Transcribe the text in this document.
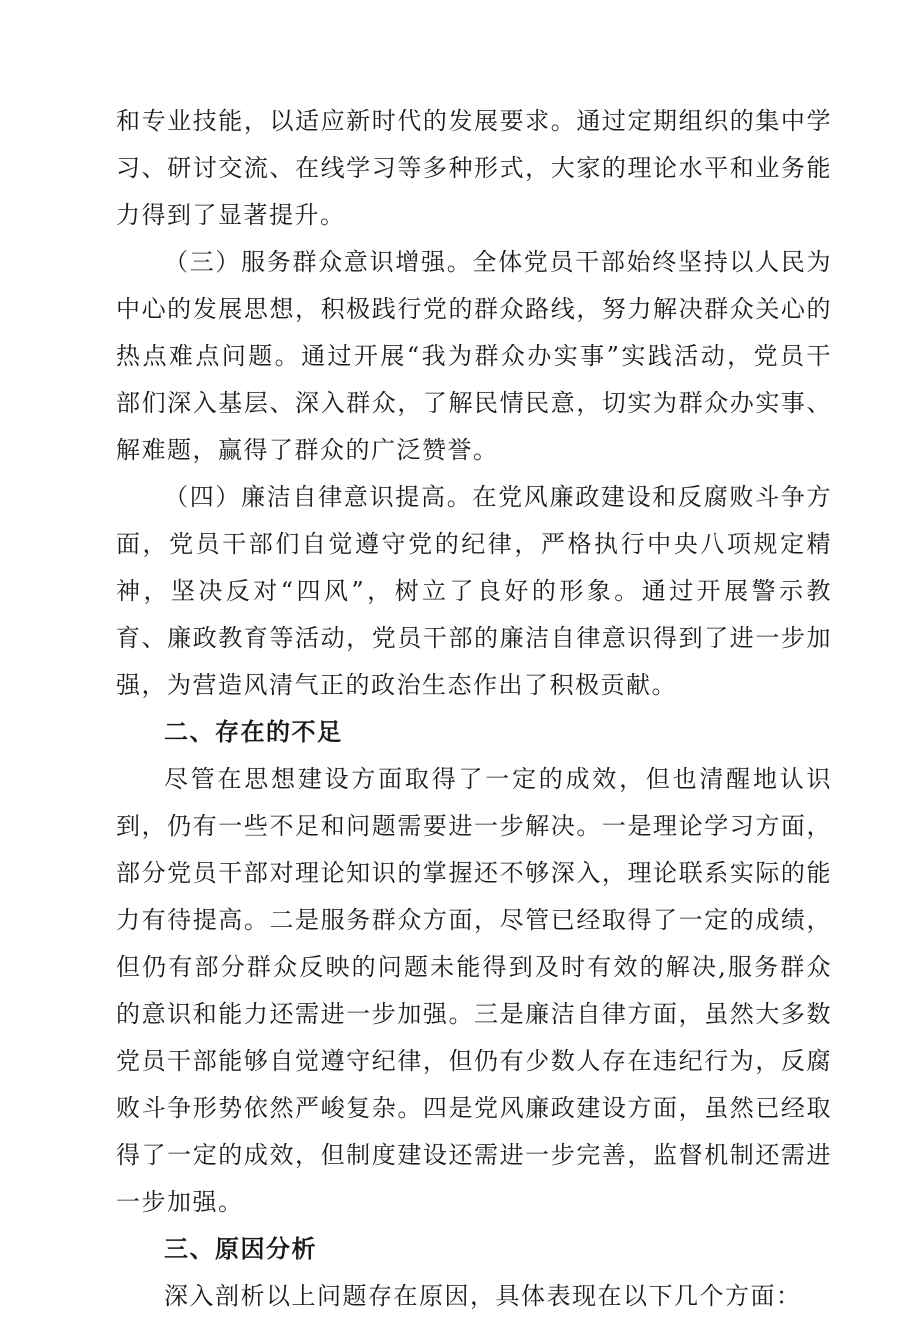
和专业技能，以适应新时代的发展要求。通过定期组织的集中学习、研讨交流、在线学习等多种形式，大家的理论水平和业务能力得到了显著提升。

（三）服务群众意识增强。全体党员干部始终坚持以人民为中心的发展思想，积极践行党的群众路线，努力解决群众关心的热点难点问题。通过开展“我为群众办实事”实践活动，党员干部们深入基层、深入群众，了解民情民意，切实为群众办实事、解难题，赢得了群众的广泛赞誉。

（四）廉洁自律意识提高。在党风廉政建设和反腐败斗争方面，党员干部们自觉遵守党的纪律，严格执行中央八项规定精神，坚决反对“四风”，树立了良好的形象。通过开展警示教育、廉政教育等活动，党员干部的廉洁自律意识得到了进一步加强，为营造风清气正的政治生态作出了积极贡献。

二、存在的不足

尽管在思想建设方面取得了一定的成效，但也清醒地认识到，仍有一些不足和问题需要进一步解决。一是理论学习方面，部分党员干部对理论知识的掌握还不够深入，理论联系实际的能力有待提高。二是服务群众方面，尽管已经取得了一定的成绩，但仍有部分群众反映的问题未能得到及时有效的解决,服务群众的意识和能力还需进一步加强。三是廉洁自律方面，虽然大多数党员干部能够自觉遵守纪律，但仍有少数人存在违纪行为，反腐败斗争形势依然严峻复杂。四是党风廉政建设方面，虽然已经取得了一定的成效，但制度建设还需进一步完善，监督机制还需进一步加强。

三、原因分析

深入剖析以上问题存在原因，具体表现在以下几个方面：
